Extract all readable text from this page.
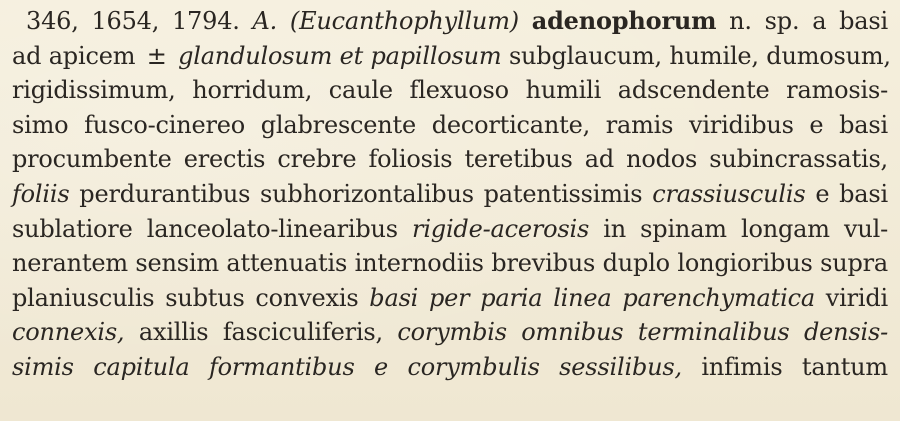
346, 1654, 1794. A. (Eucanthophyllum) adenophorum n. sp. a basi
ad apicem ± glandulosum et papillosum subglaucum, humile, dumosum,
rigidissimum, horridum, caule flexuoso humili adscendente ramosis-
simo fusco-cinereo glabrescente decorticante, ramis viridibus e basi
procumbente erectis crebre foliosis teretibus ad nodos subincrassatis,
foliis perdurantibus subhorizontalibus patentissimis crassiusculis e basi
sublatiore lanceolato-linearibus rigide-acerosis in spinam longam vul-
nerantem sensim attenuatis internodiis brevibus duplo longioribus supra
planiusculis subtus convexis basi per paria linea parenchymatica viridi
connexis, axillis fasciculiferis, corymbis omnibus terminalibus densis-
simis capitula formantibus e corymbulis sessilibus, infimis tantum
